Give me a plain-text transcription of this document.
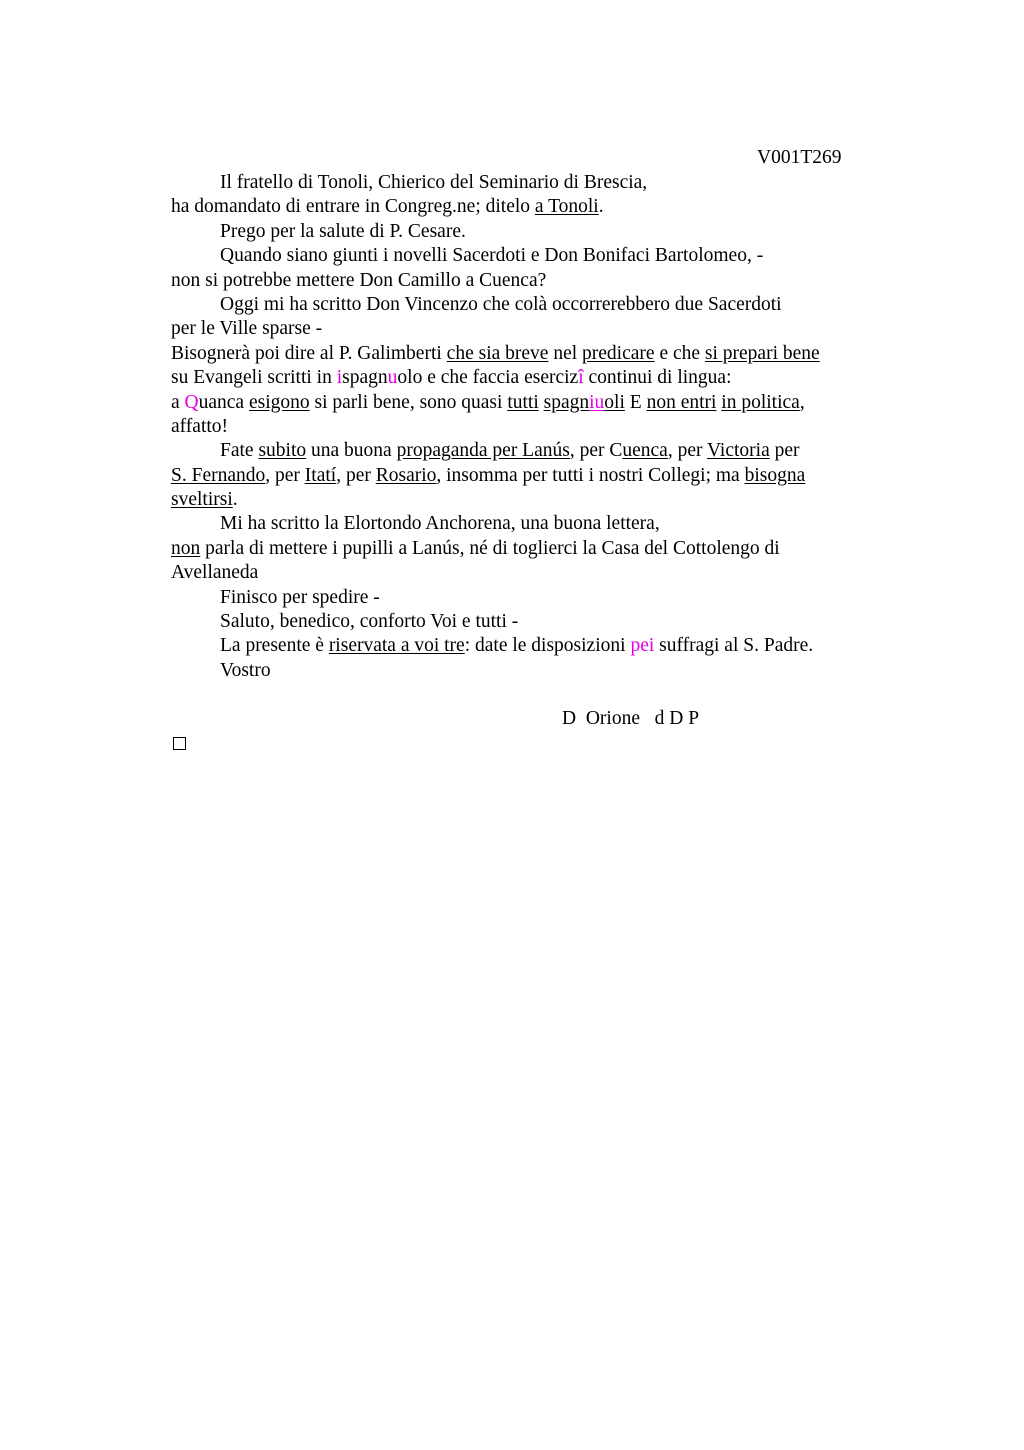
V001T269
Il fratello di Tonoli, Chierico del Seminario di Brescia,
ha domandato di entrare in Congreg.ne; ditelo a Tonoli.
Prego per la salute di P. Cesare.
Quando siano giunti i novelli Sacerdoti e Don Bonifaci Bartolomeo, -
non si potrebbe mettere Don Camillo a Cuenca?
Oggi mi ha scritto Don Vincenzo che colà occorrerebbero due Sacerdoti
per le Ville sparse -
Bisognerà poi dire al P. Galimberti che sia breve nel predicare e che si prepari bene
su Evangeli scritti in ispagnuolo e che faccia esercizî continui di lingua:
a Quanca esigono si parli bene, sono quasi tutti spagniuoli E non entri in politica,
affatto!
Fate subito una buona propaganda per Lanús, per Cuenca, per Victoria per
S. Fernando, per Itatí, per Rosario, insomma per tutti i nostri Collegi; ma bisogna
sveltirsi.
Mi ha scritto la Elortondo Anchorena, una buona lettera,
non parla di mettere i pupilli a Lanús, né di toglierci la Casa del Cottolengo di
Avellaneda
Finisco per spedire -
Saluto, benedico, conforto Voi e tutti -
La presente è riservata a voi tre: date le disposizioni pei suffragi al S. Padre.
Vostro
D  Orione   d D P
